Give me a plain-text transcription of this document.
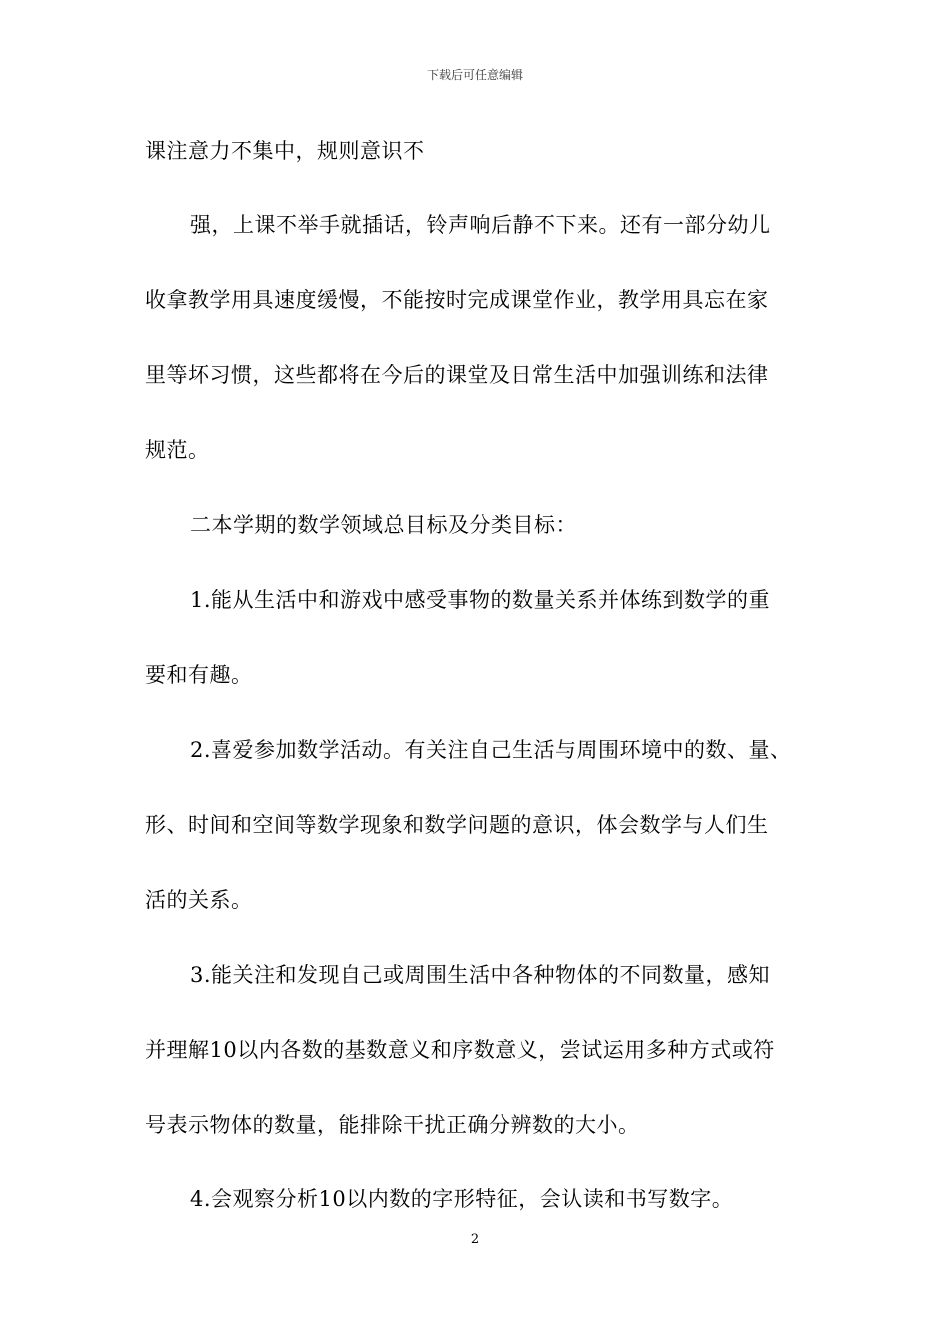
下载后可任意编辑
课注意力不集中，规则意识不
强，上课不举手就插话，铃声响后静不下来。还有一部分幼儿
收拿教学用具速度缓慢，不能按时完成课堂作业，教学用具忘在家
里等坏习惯，这些都将在今后的课堂及日常生活中加强训练和法律
规范。
二本学期的数学领域总目标及分类目标：
1.能从生活中和游戏中感受事物的数量关系并体练到数学的重
要和有趣。
2.喜爱参加数学活动。有关注自己生活与周围环境中的数、量、
形、时间和空间等数学现象和数学问题的意识，体会数学与人们生
活的关系。
3.能关注和发现自己或周围生活中各种物体的不同数量，感知
并理解10以内各数的基数意义和序数意义，尝试运用多种方式或符
号表示物体的数量，能排除干扰正确分辨数的大小。
4.会观察分析10以内数的字形特征，会认读和书写数字。
2
